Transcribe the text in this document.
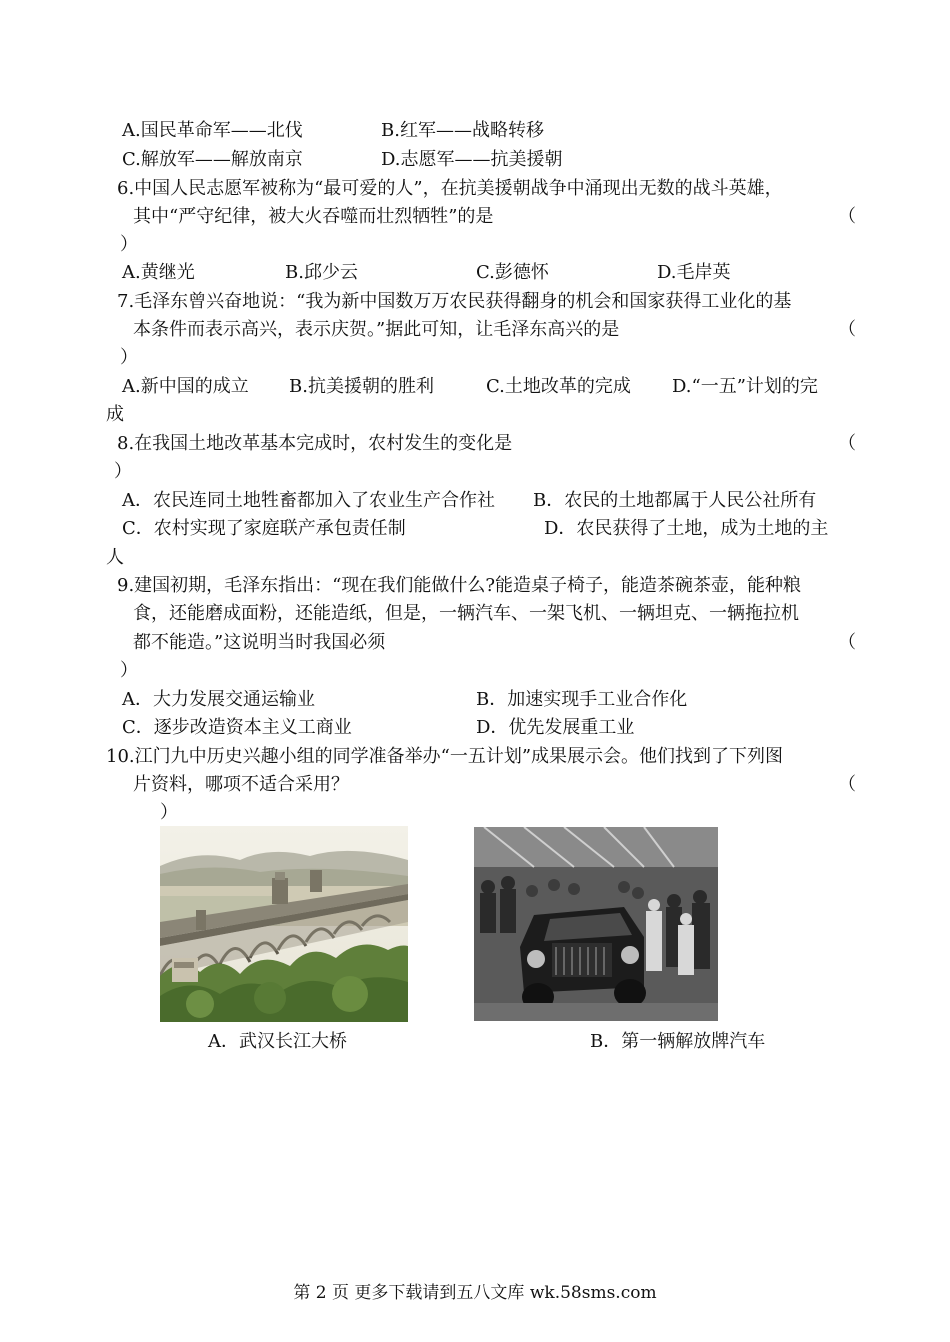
A.国民革命军——北伐	B.红军——战略转移
C.解放军——解放南京	D.志愿军——抗美援朝
6.中国人民志愿军被称为“最可爱的人”，在抗美援朝战争中涌现出无数的战斗英雄，
其中“严守纪律，被大火吞噬而壮烈牺牲”的是	（
）
A.黄继光	B.邱少云	C.彭德怀	D.毛岸英
7.毛泽东曾兴奋地说：“我为新中国数万万农民获得翻身的机会和国家获得工业化的基
本条件而表示高兴，表示庆贺。”据此可知，让毛泽东高兴的是	（
）
A.新中国的成立 B.抗美援朝的胜利	C.土地改革的完成 D.“一五”计划的完
成
8.在我国土地改革基本完成时，农村发生的变化是	（
）
A．农民连同土地牲畜都加入了农业生产合作社 B．农民的土地都属于人民公社所有
C．农村实现了家庭联产承包责任制	D．农民获得了土地，成为土地的主
人
9.建国初期，毛泽东指出：“现在我们能做什么?能造桌子椅子，能造茶碗茶壶，能种粮
食，还能磨成面粉，还能造纸，但是，一辆汽车、一架飞机、一辆坦克、一辆拖拉机
都不能造。”这说明当时我国必须	（
）
A．大力发展交通运输业	B．加速实现手工业合作化
C．逐步改造资本主义工商业	D．优先发展重工业
10.江门九中历史兴趣小组的同学准备举办“一五计划”成果展示会。他们找到了下列图
片资料，哪项不适合采用？	（
）
A．武汉长江大桥	B．第一辆解放牌汽车
第 2 页 更多下载请到五八文库 wk.58sms.com
